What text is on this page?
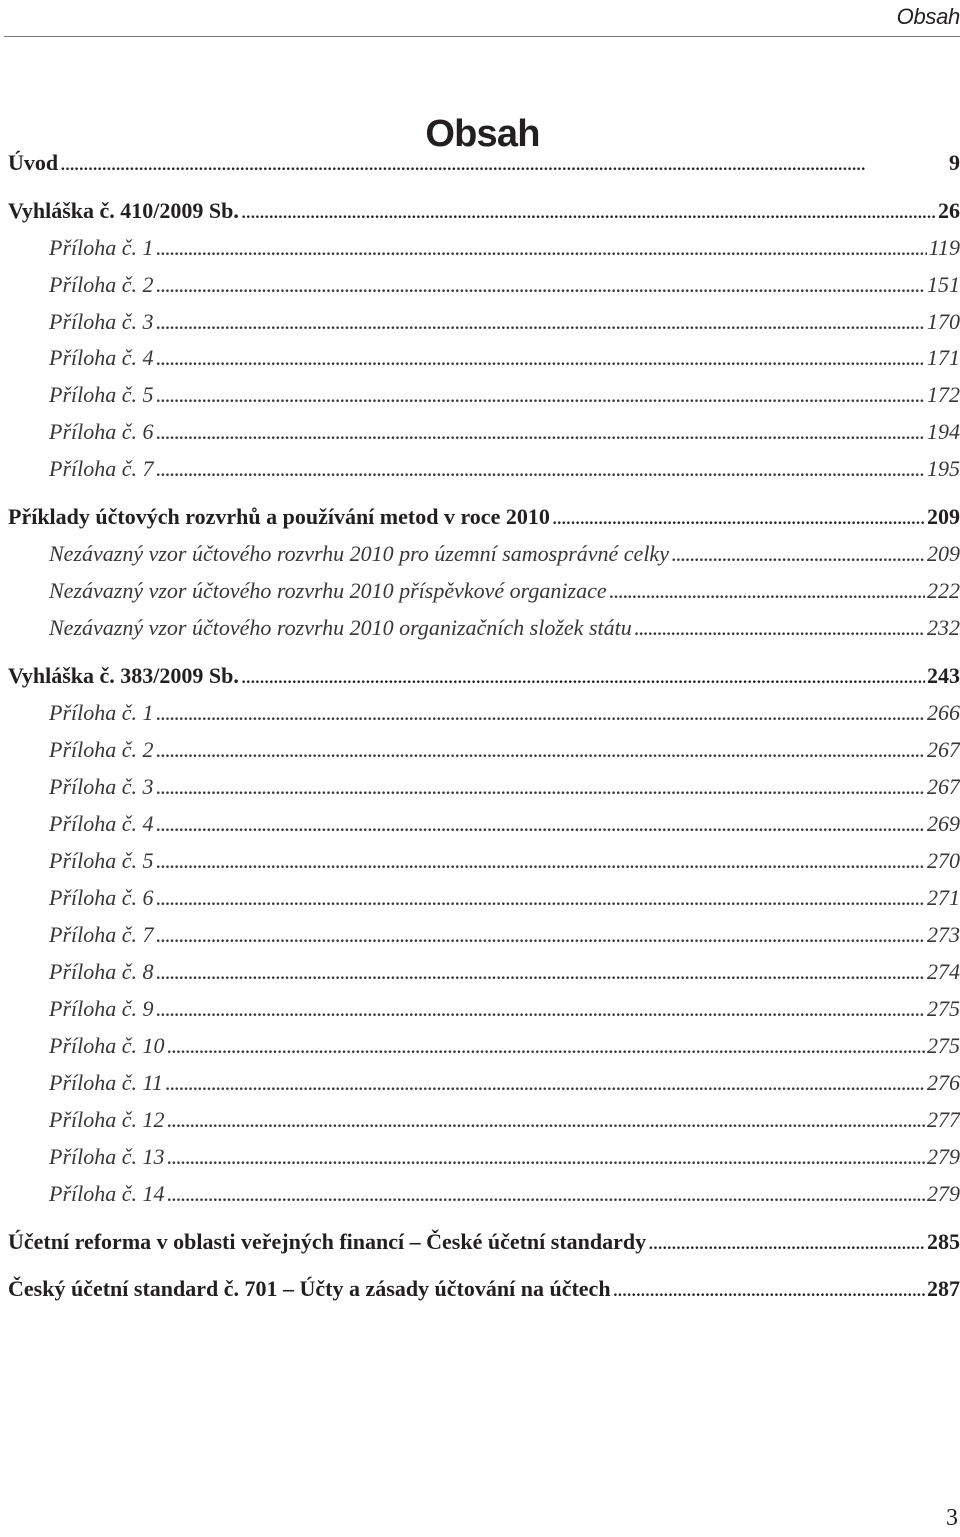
Obsah
Obsah
Úvod . . .	9
Vyhláška č. 410/2009 Sb. . . .	26
Příloha č. 1 . . .	119
Příloha č. 2 . . .	151
Příloha č. 3 . . .	170
Příloha č. 4 . . .	171
Příloha č. 5 . . .	172
Příloha č. 6 . . .	194
Příloha č. 7 . . .	195
Příklady účtových rozvrhů a používání metod v roce 2010 . . .	209
Nezávazný vzor účtového rozvrhu 2010 pro územní samosprávné celky . . .	209
Nezávazný vzor účtového rozvrhu 2010 příspěvkové organizace . . .	222
Nezávazný vzor účtového rozvrhu 2010 organizačních složek státu . . .	232
Vyhláška č. 383/2009 Sb. . . .	243
Příloha č. 1 . . .	266
Příloha č. 2 . . .	267
Příloha č. 3 . . .	267
Příloha č. 4 . . .	269
Příloha č. 5 . . .	270
Příloha č. 6 . . .	271
Příloha č. 7 . . .	273
Příloha č. 8 . . .	274
Příloha č. 9 . . .	275
Příloha č. 10 . . .	275
Příloha č. 11 . . .	276
Příloha č. 12 . . .	277
Příloha č. 13 . . .	279
Příloha č. 14 . . .	279
Účetní reforma v oblasti veřejných financí – České účetní standardy . . .	285
Český účetní standard č. 701 – Účty a zásady účtování na účtech . . .	287
3
